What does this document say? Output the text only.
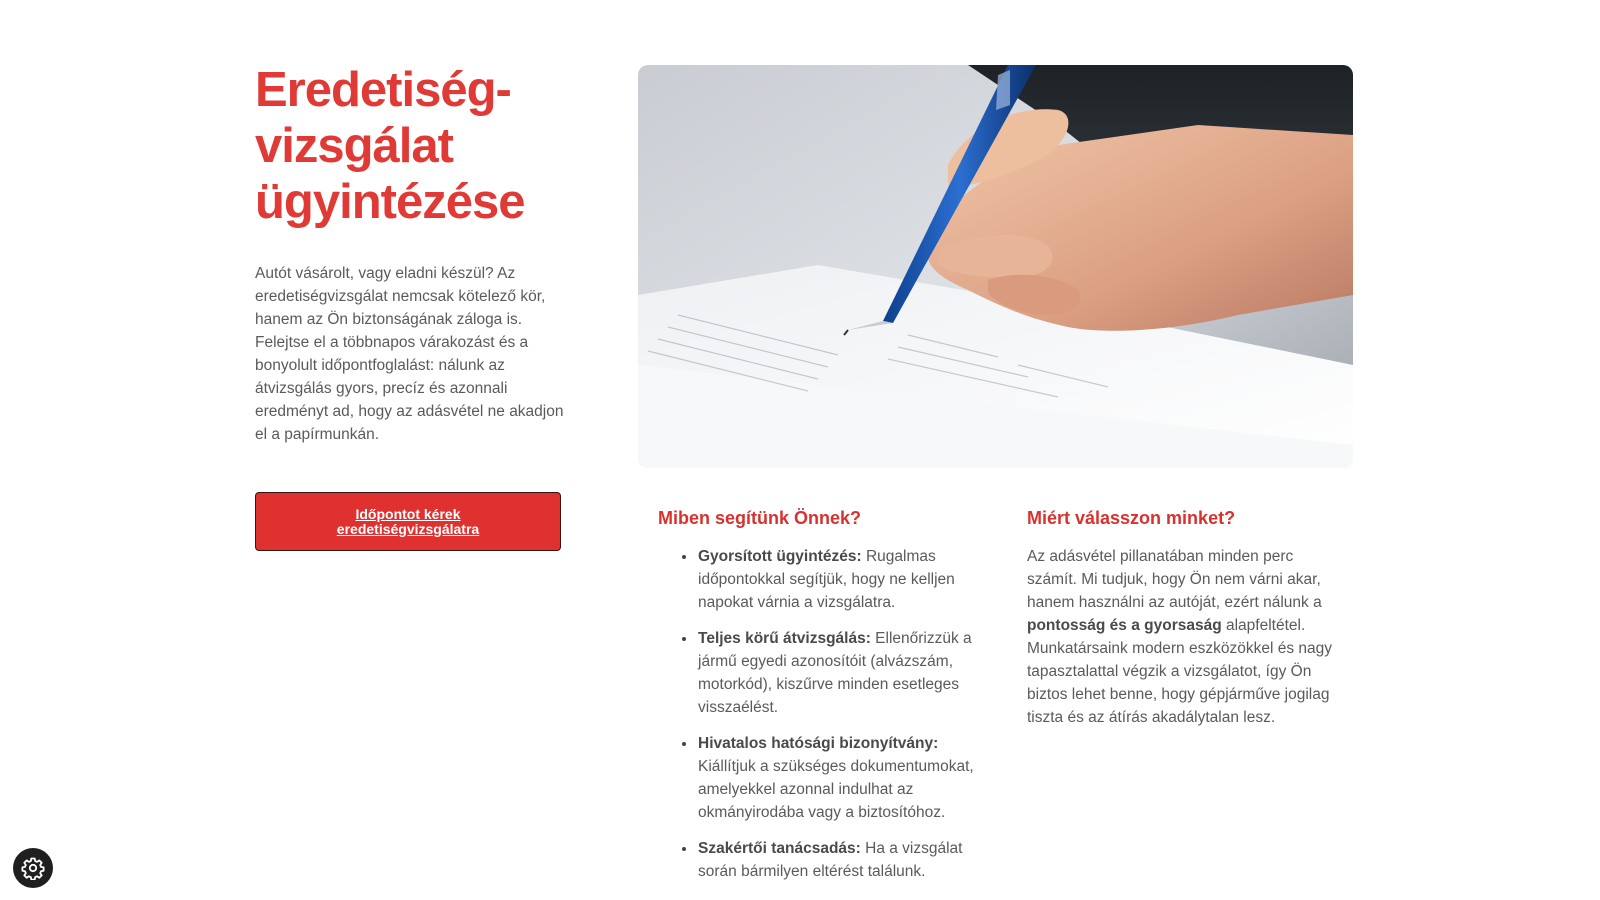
Eredetiség-vizsgálat ügyintézése

Autót vásárolt, vagy eladni készül? Az eredetiségvizsgálat nemcsak kötelező kör, hanem az Ön biztonságának záloga is. Felejtse el a többnapos várakozást és a bonyolult időpontfoglalást: nálunk az átvizsgálás gyors, precíz és azonnali eredményt ad, hogy az adásvétel ne akadjon el a papírmunkán.

Időpontot kérek eredetiségvizsgálatra
Miben segítünk Önnek?
• Gyorsított ügyintézés: Rugalmas időpontokkal segítjük, hogy ne kelljen napokat várnia a vizsgálatra.
• Teljes körű átvizsgálás: Ellenőrizzük a jármű egyedi azonosítóit (alvázszám, motorkód), kiszűrve minden esetleges visszaélést.
• Hivatalos hatósági bizonyítvány: Kiállítjuk a szükséges dokumentumokat, amelyekkel azonnal indulhat az okmányirodába vagy a biztosítóhoz.
• Szakértői tanácsadás: Ha a vizsgálat során bármilyen eltérést találunk.
Miért válasszon minket?

Az adásvétel pillanatában minden perc számít. Mi tudjuk, hogy Ön nem várni akar, hanem használni az autóját, ezért nálunk a pontosság és a gyorsaság alapfeltétel. Munkatársaink modern eszközökkel és nagy tapasztalattal végzik a vizsgálatot, így Ön biztos lehet benne, hogy gépjárműve jogilag tiszta és az átírás akadálytalan lesz.
